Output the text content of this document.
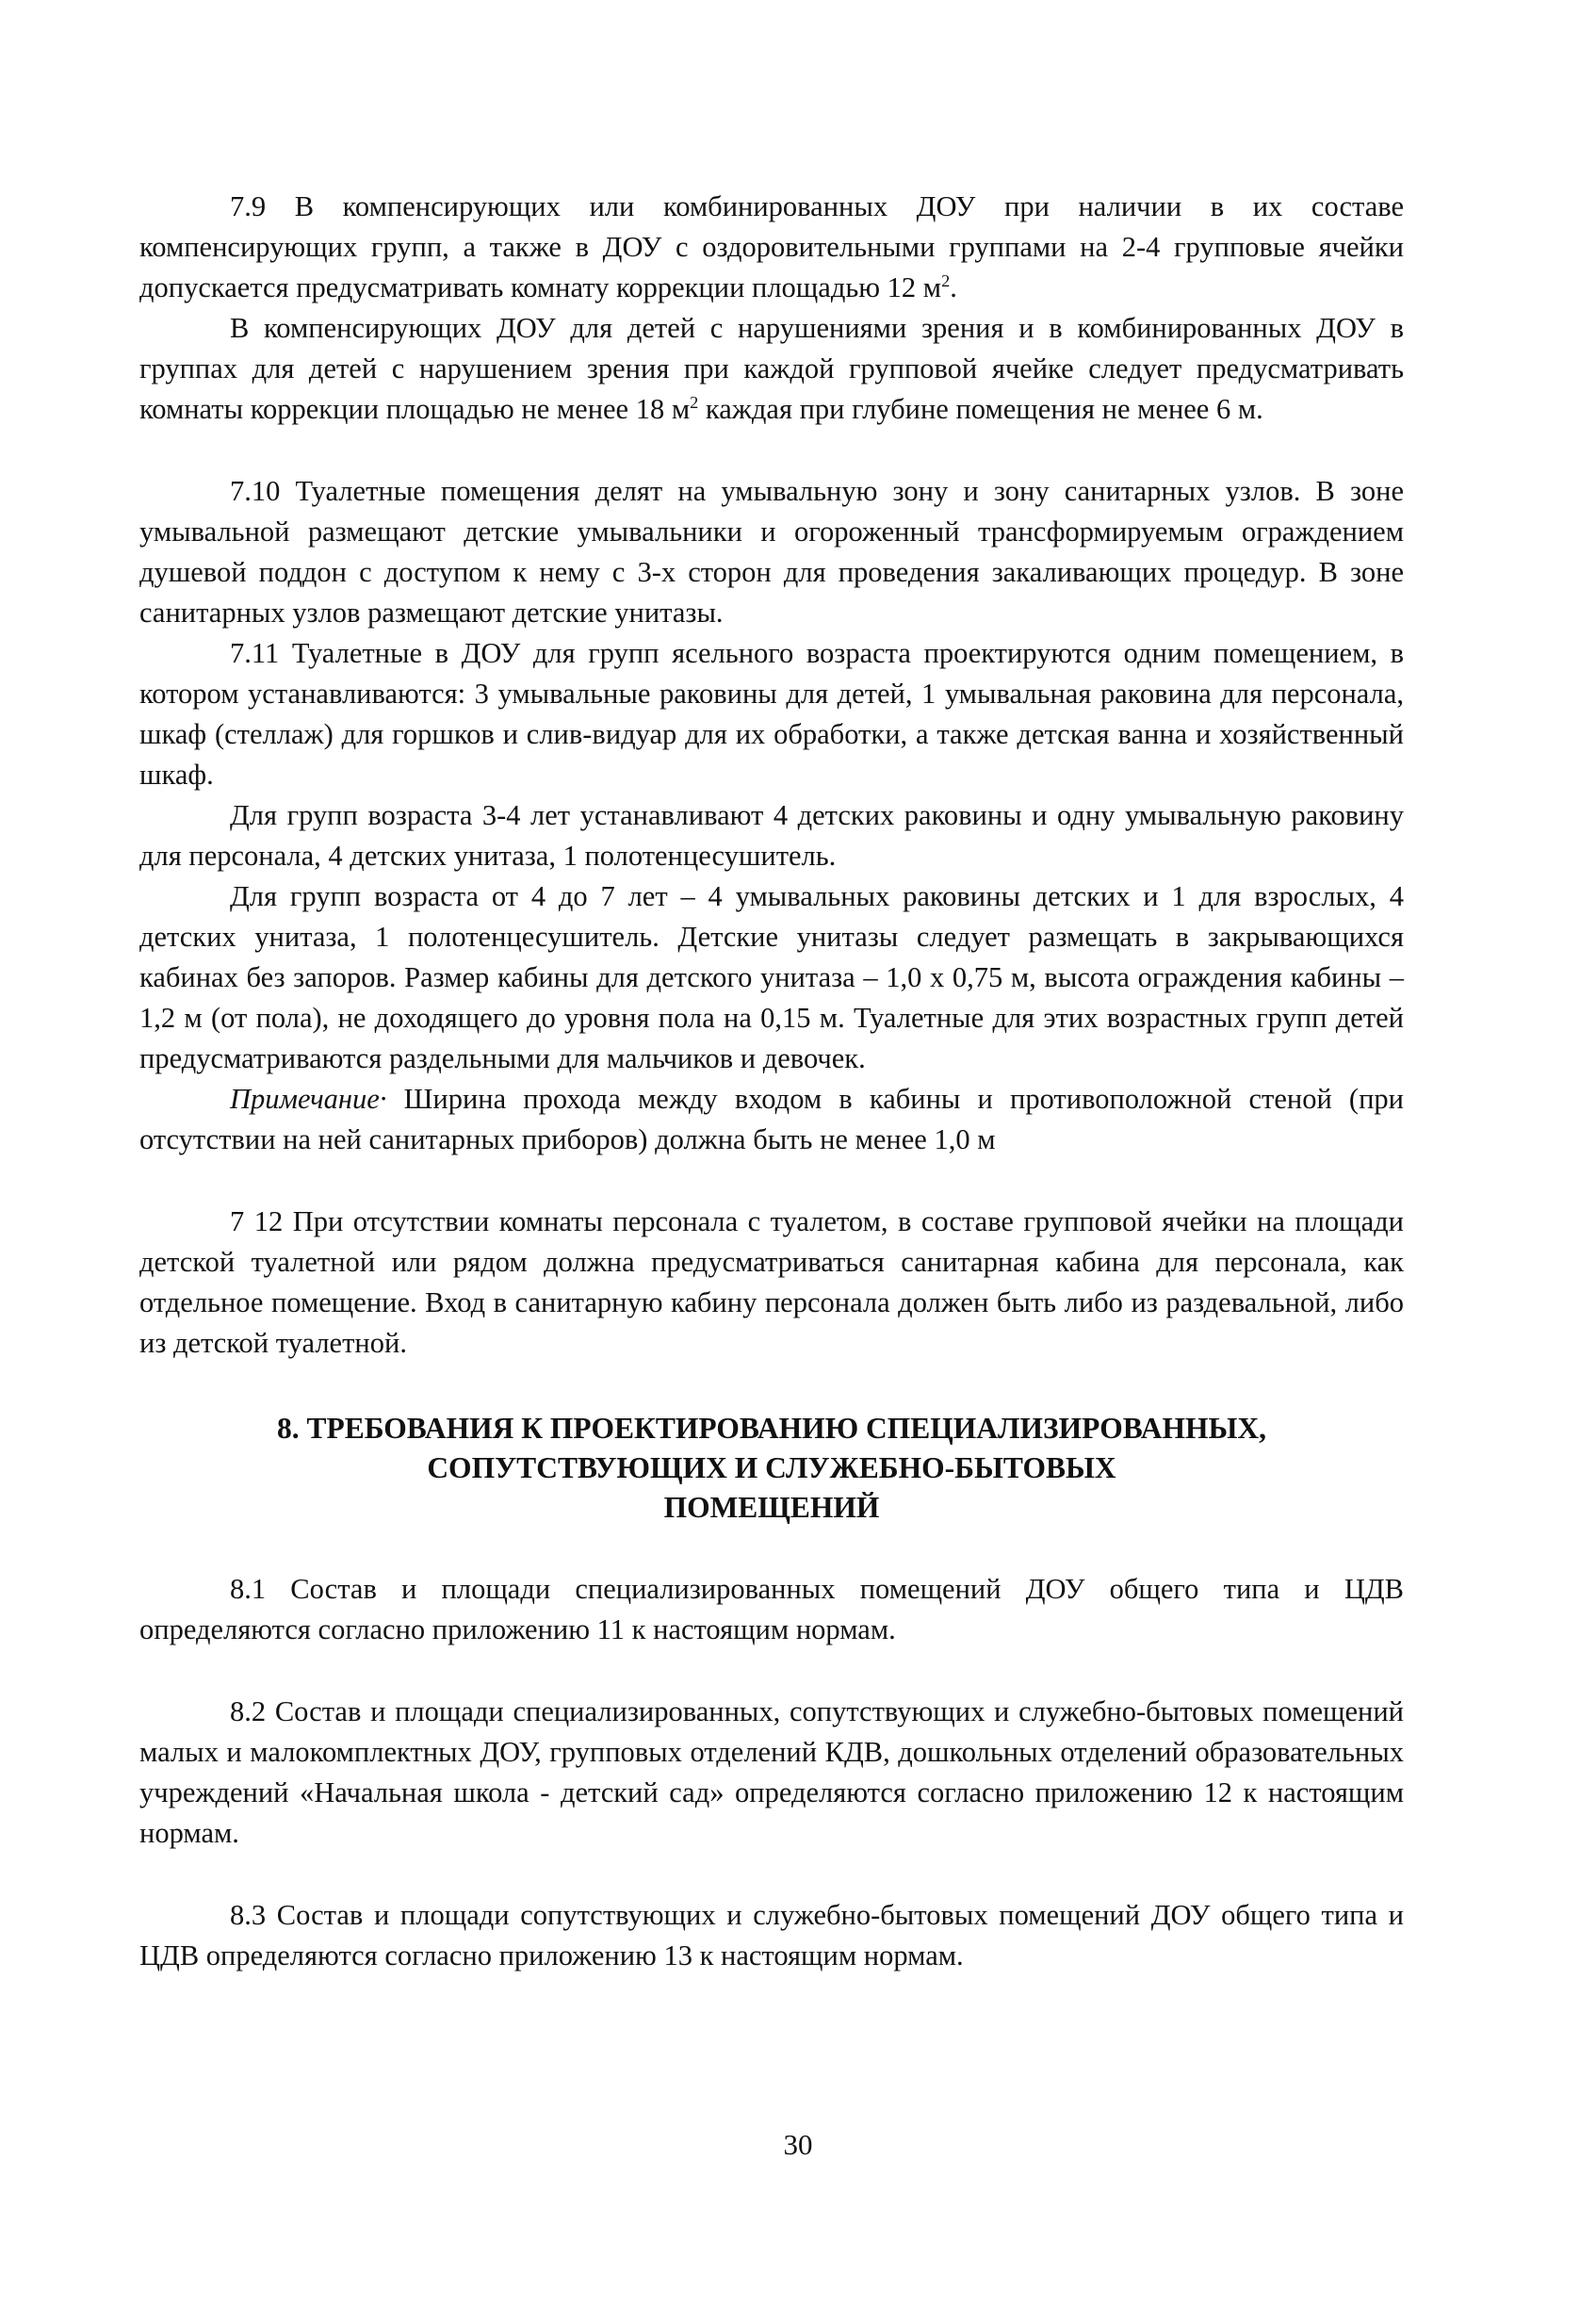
7.9 В компенсирующих или комбинированных ДОУ при наличии в их составе компенсирующих групп, а также в ДОУ с оздоровительными группами на 2-4 групповые ячейки допускается предусматривать комнату коррекции площадью 12 $м^2$.

В компенсирующих ДОУ для детей с нарушениями зрения и в комбинированных ДОУ в группах для детей с нарушением зрения при каждой групповой ячейке следует предусматривать комнаты коррекции площадью не менее 18 $м^2$ каждая при глубине помещения не менее 6 м.

7.10 Туалетные помещения делят на умывальную зону и зону санитарных узлов. В зоне умывальной размещают детские умывальники и огороженный трансформируемым ограждением душевой поддон с доступом к нему с 3-х сторон для проведения закаливающих процедур. В зоне санитарных узлов размещают детские унитазы.

7.11 Туалетные в ДОУ для групп ясельного возраста проектируются одним помещением, в котором устанавливаются: 3 умывальные раковины для детей, 1 умывальная раковина для персонала, шкаф (стеллаж) для горшков и слив-видуар для их обработки, а также детская ванна и хозяйственный шкаф.

Для групп возраста 3-4 лет устанавливают 4 детских раковины и одну умывальную раковину для персонала, 4 детских унитаза, 1 полотенцесушитель.

Для групп возраста от 4 до 7 лет – 4 умывальных раковины детских и 1 для взрослых, 4 детских унитаза, 1 полотенцесушитель. Детские унитазы следует размещать в закрывающихся кабинах без запоров. Размер кабины для детского унитаза – 1,0 х 0,75 м, высота ограждения кабины – 1,2 м (от пола), не доходящего до уровня пола на 0,15 м. Туалетные для этих возрастных групп детей предусматриваются раздельными для мальчиков и девочек.

Примечание· Ширина прохода между входом в кабины и противоположной стеной (при отсутствии на ней санитарных приборов) должна быть не менее 1,0 м

7 12 При отсутствии комнаты персонала с туалетом, в составе групповой ячейки на площади детской туалетной или рядом должна предусматриваться санитарная кабина для персонала, как отдельное помещение. Вход в санитарную кабину персонала должен быть либо из раздевальной, либо из детской туалетной.

8. ТРЕБОВАНИЯ К ПРОЕКТИРОВАНИЮ СПЕЦИАЛИЗИРОВАННЫХ,
СОПУТСТВУЮЩИХ И СЛУЖЕБНО-БЫТОВЫХ
ПОМЕЩЕНИЙ

8.1 Состав и площади специализированных помещений ДОУ общего типа и ЦДВ определяются согласно приложению 11 к настоящим нормам.

8.2 Состав и площади специализированных, сопутствующих и служебно-бытовых помещений малых и малокомплектных ДОУ, групповых отделений КДВ, дошкольных отделений образовательных учреждений «Начальная школа - детский сад» определяются согласно приложению 12 к настоящим нормам.

8.3 Состав и площади сопутствующих и служебно-бытовых помещений ДОУ общего типа и ЦДВ определяются согласно приложению 13 к настоящим нормам.

30
